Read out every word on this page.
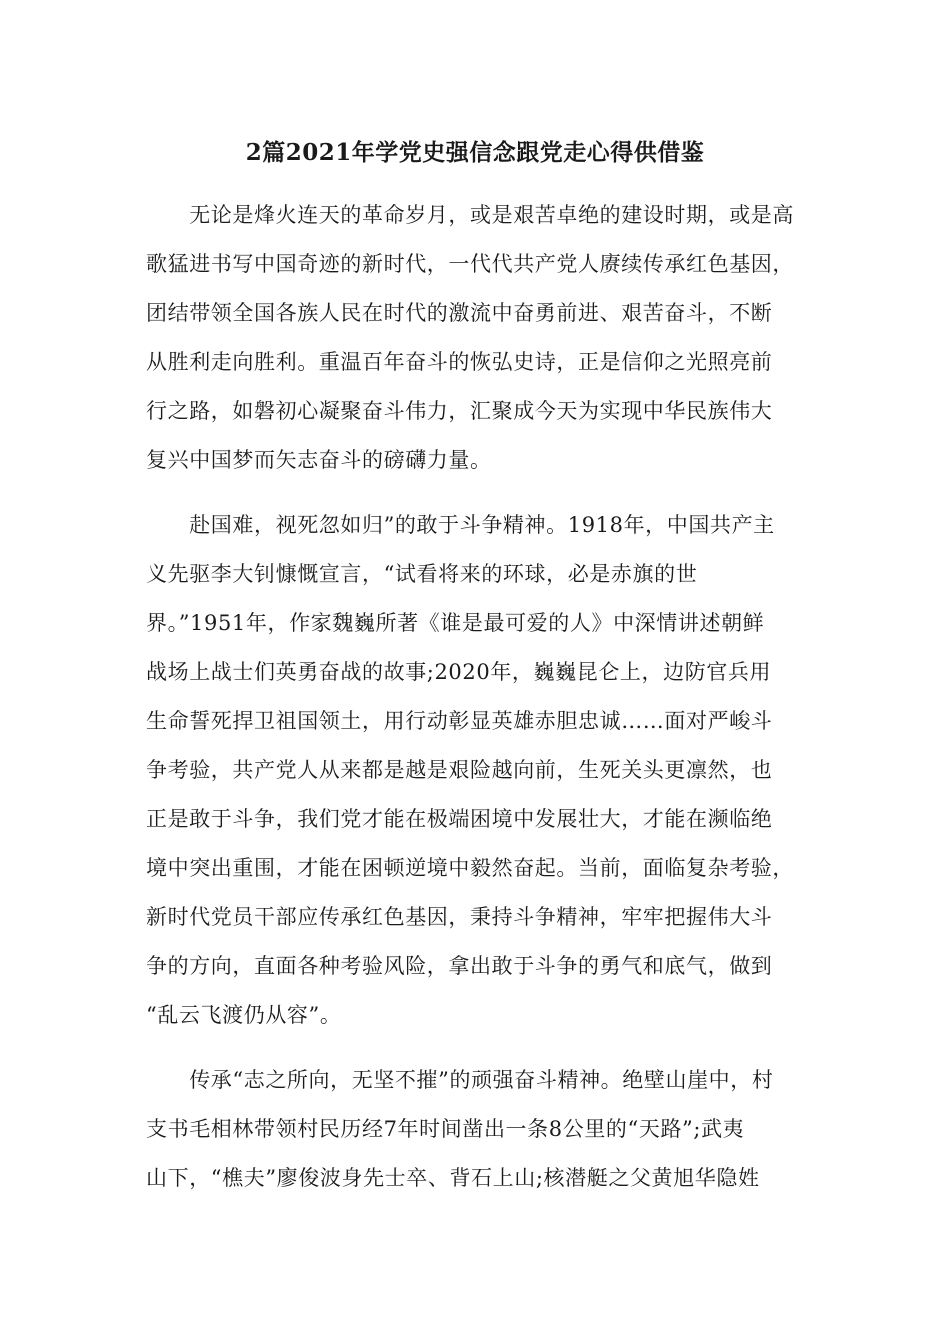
2篇2021年学党史强信念跟党走心得供借鉴
　　无论是烽火连天的革命岁月，或是艰苦卓绝的建设时期，或是高
歌猛进书写中国奇迹的新时代，一代代共产党人赓续传承红色基因，
团结带领全国各族人民在时代的激流中奋勇前进、艰苦奋斗，不断
从胜利走向胜利。重温百年奋斗的恢弘史诗，正是信仰之光照亮前
行之路，如磐初心凝聚奋斗伟力，汇聚成今天为实现中华民族伟大
复兴中国梦而矢志奋斗的磅礴力量。
　　赴国难，视死忽如归”的敢于斗争精神。1918年，中国共产主
义先驱李大钊慷慨宣言，“试看将来的环球，必是赤旗的世
界。”1951年，作家魏巍所著《谁是最可爱的人》中深情讲述朝鲜
战场上战士们英勇奋战的故事;2020年，巍巍昆仑上，边防官兵用
生命誓死捍卫祖国领土，用行动彰显英雄赤胆忠诚……面对严峻斗
争考验，共产党人从来都是越是艰险越向前，生死关头更凛然，也
正是敢于斗争，我们党才能在极端困境中发展壮大，才能在濒临绝
境中突出重围，才能在困顿逆境中毅然奋起。当前，面临复杂考验，
新时代党员干部应传承红色基因，秉持斗争精神，牢牢把握伟大斗
争的方向，直面各种考验风险，拿出敢于斗争的勇气和底气，做到
“乱云飞渡仍从容”。
　　传承“志之所向，无坚不摧”的顽强奋斗精神。绝壁山崖中，村
支书毛相林带领村民历经7年时间凿出一条8公里的“天路”;武夷
山下，“樵夫”廖俊波身先士卒、背石上山;核潜艇之父黄旭华隐姓
